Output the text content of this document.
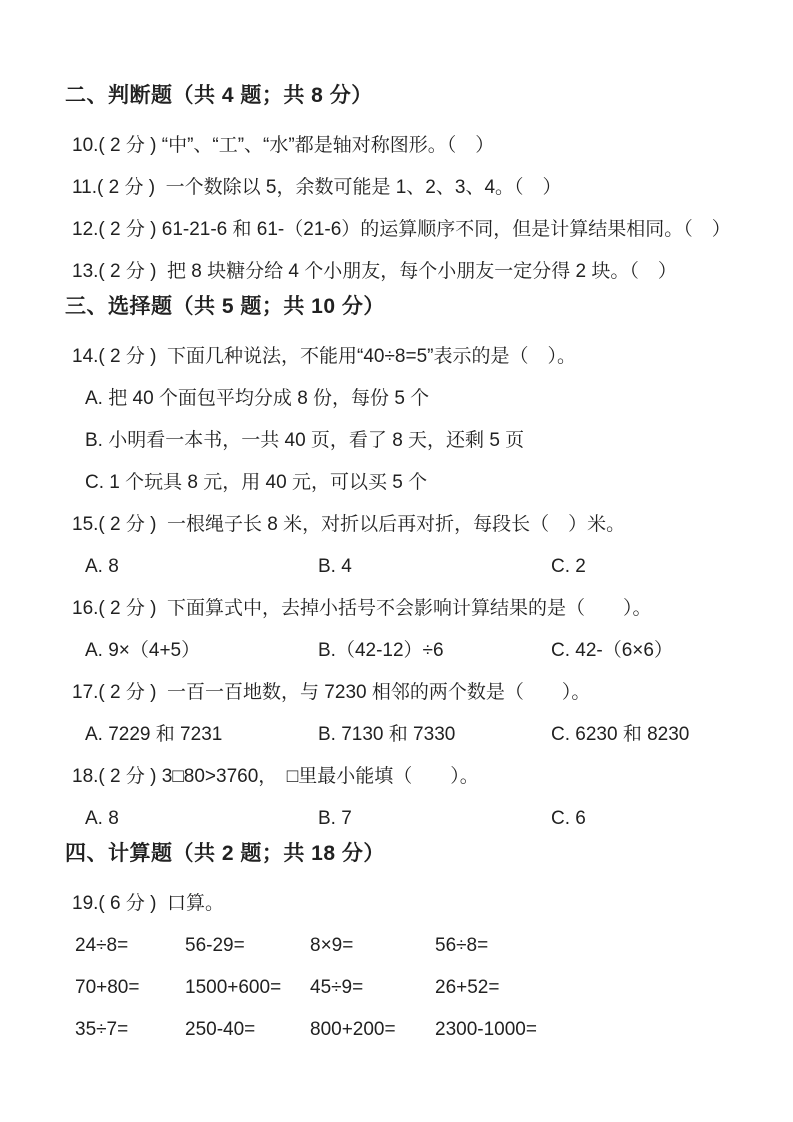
二、判断题（共 4 题；共 8 分）

10.( 2 分 ) “中”、“工”、“水”都是轴对称图形。（　）

11.( 2 分 )  一个数除以 5，余数可能是 1、2、3、4。（　）

12.( 2 分 ) 61-21-6 和 61-（21-6）的运算顺序不同，但是计算结果相同。（　）

13.( 2 分 )  把 8 块糖分给 4 个小朋友，每个小朋友一定分得 2 块。（　）

三、选择题（共 5 题；共 10 分）

14.( 2 分 )  下面几种说法，不能用“40÷8=5”表示的是（　）。

A. 把 40 个面包平均分成 8 份，每份 5 个

B. 小明看一本书，一共 40 页，看了 8 天，还剩 5 页

C. 1 个玩具 8 元，用 40 元，可以买 5 个

15.( 2 分 )  一根绳子长 8 米，对折以后再对折，每段长（　）米。

A. 8	B. 4	C. 2

16.( 2 分 )  下面算式中，去掉小括号不会影响计算结果的是（　　）。

A. 9×（4+5）	B.（42-12）÷6	C. 42-（6×6）

17.( 2 分 )  一百一百地数，与 7230 相邻的两个数是（　　）。

A. 7229 和 7231	B. 7130 和 7330	C. 6230 和 8230

18.( 2 分 ) 3□80>3760，　□里最小能填（　　）。

A. 8	B. 7	C. 6
四、计算题（共 2 题；共 18 分）

19.( 6 分 )  口算。

24÷8=	56-29=	8×9=	56÷8=
70+80=	1500+600=	45÷9=	26+52=
35÷7=	250-40=	800+200=	2300-1000=
